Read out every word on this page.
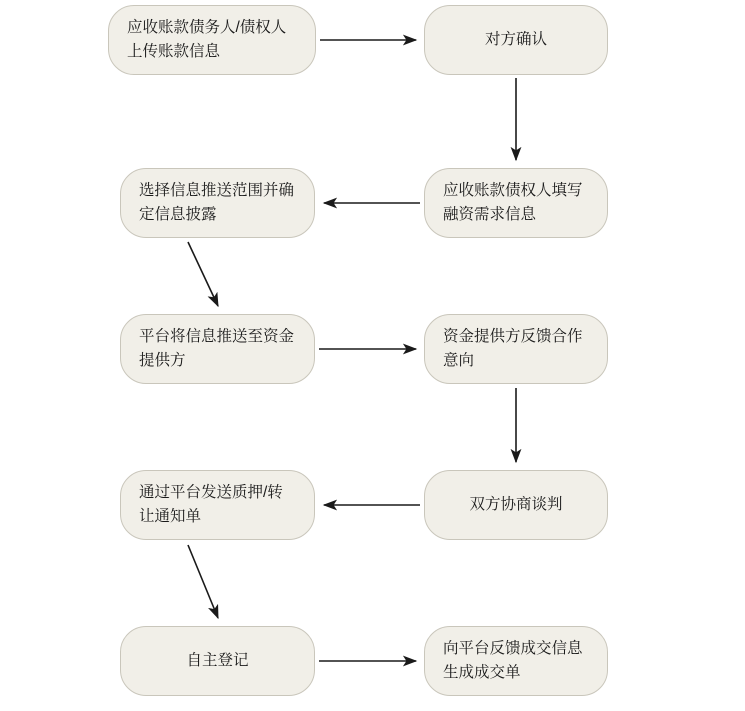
应收账款债务人/债权人上传账款信息
对方确认
应收账款债权人填写融资需求信息
选择信息推送范围并确定信息披露
平台将信息推送至资金提供方
资金提供方反馈合作意向
双方协商谈判
通过平台发送质押/转让通知单
自主登记
向平台反馈成交信息生成成交单
